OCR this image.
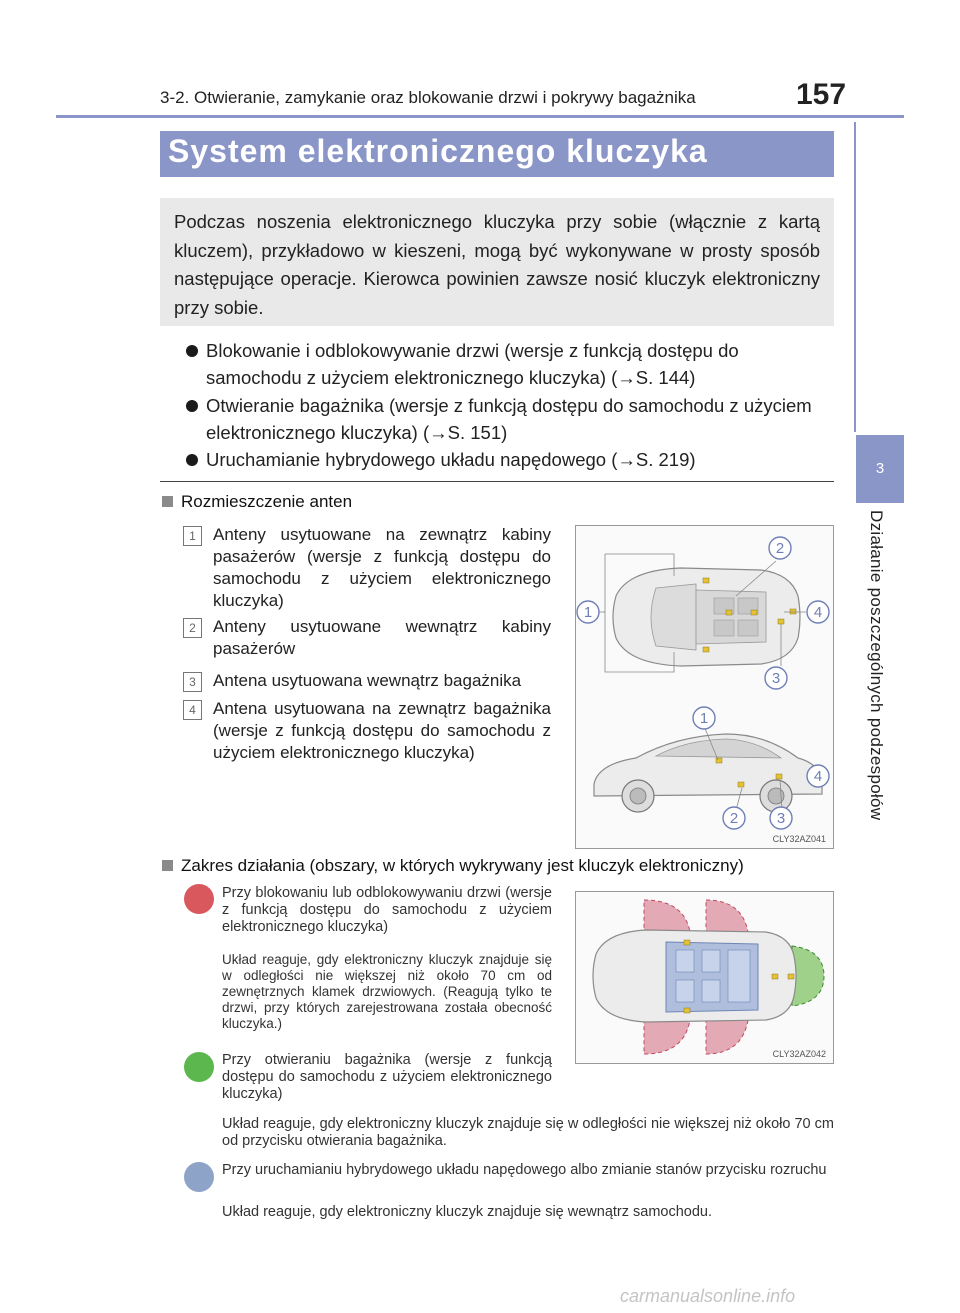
3-2. Otwieranie, zamykanie oraz blokowanie drzwi i pokrywy bagażnika	157
3
Działanie poszczególnych podzespołów
System elektronicznego kluczyka
Podczas noszenia elektronicznego kluczyka przy sobie (włącznie z kartą kluczem), przykładowo w kieszeni, mogą być wykonywane w prosty sposób następujące operacje. Kierowca powinien zawsze nosić kluczyk elektroniczny przy sobie.
Blokowanie i odblokowywanie drzwi (wersje z funkcją dostępu do samochodu z użyciem elektronicznego kluczyka) (→S. 144)
Otwieranie bagażnika (wersje z funkcją dostępu do samochodu z użyciem elektronicznego kluczyka) (→S. 151)
Uruchamianie hybrydowego układu napędowego (→S. 219)
Rozmieszczenie anten
1	Anteny usytuowane na zewnątrz kabiny pasażerów (wersje z funkcją dostępu do samochodu z użyciem elektronicznego kluczyka)
2	Anteny usytuowane wewnątrz kabiny pasażerów
3	Antena usytuowana wewnątrz bagażnika
4	Antena usytuowana na zewnątrz bagażnika (wersje z funkcją dostępu do samochodu z użyciem elektronicznego kluczyka)
1
2
4
3
1
2	3
4
CLY32AZ041
Zakres działania (obszary, w których wykrywany jest kluczyk elektroniczny)
Przy blokowaniu lub odblokowywaniu drzwi (wersje z funkcją dostępu do samochodu z użyciem elektronicznego kluczyka)
Układ reaguje, gdy elektroniczny kluczyk znajduje się w odległości nie większej niż około 70 cm od zewnętrznych klamek drzwiowych. (Reagują tylko te drzwi, przy których zarejestrowana została obecność kluczyka.)
Przy otwieraniu bagażnika (wersje z funkcją dostępu do samochodu z użyciem elektronicznego kluczyka)
Układ reaguje, gdy elektroniczny kluczyk znajduje się w odległości nie większej niż około 70 cm od przycisku otwierania bagażnika.
Przy uruchamianiu hybrydowego układu napędowego albo zmianie stanów przycisku rozruchu
Układ reaguje, gdy elektroniczny kluczyk znajduje się wewnątrz samochodu.
CLY32AZ042
carmanualsonline.info
